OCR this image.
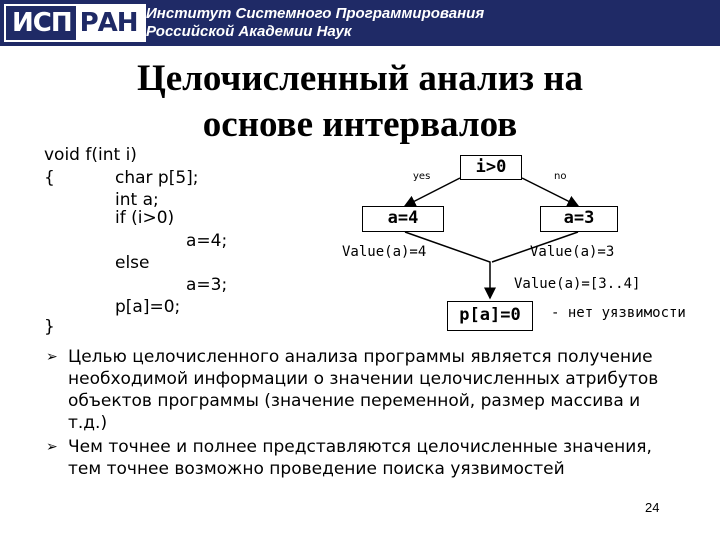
ИСП РАН Институт Системного Программирования
Российской Академии Наук
Целочисленный анализ на
основе интервалов
void f(int i)
{	char p[5];
int a;
if (i>0)
a=4;
else
a=3;
p[a]=0;
}
i>0
yes	no
a=4	a=3
Value(a)=4	Value(a)=3
Value(a)=[3..4]
p[a]=0	- нет уязвимости
➢ Целью целочисленного анализа программы является получение необходимой информации о значении целочисленных атрибутов объектов программы (значение переменной, размер массива и т.д.)
➢ Чем точнее и полнее представляются целочисленные значения, тем точнее возможно проведение поиска уязвимостей
24
